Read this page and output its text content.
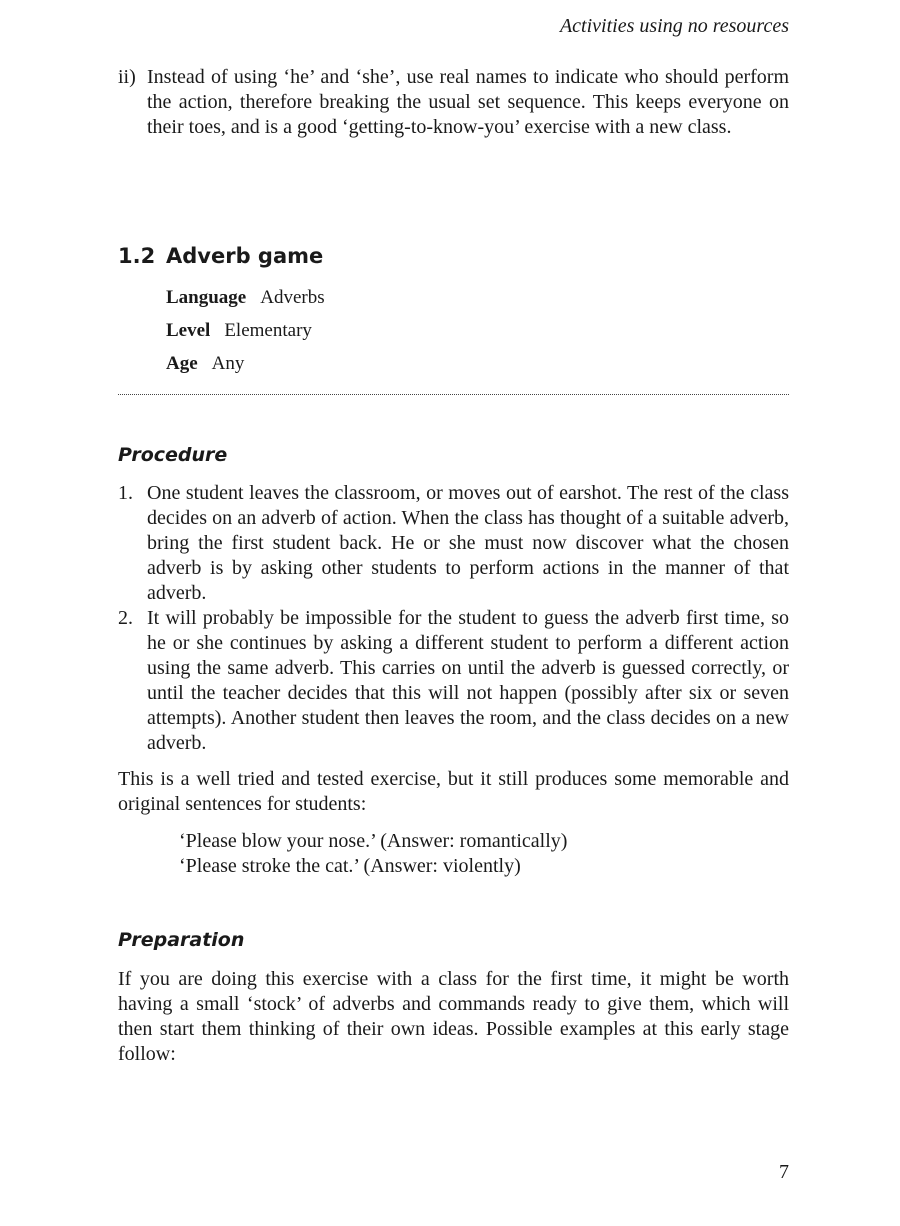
Activities using no resources
ii) Instead of using ‘he’ and ‘she’, use real names to indicate who should perform the action, therefore breaking the usual set sequence. This keeps everyone on their toes, and is a good ‘getting-to-know-you’ exercise with a new class.
1.2 Adverb game
Language Adverbs
Level Elementary
Age Any
Procedure
1. One student leaves the classroom, or moves out of earshot. The rest of the class decides on an adverb of action. When the class has thought of a suitable adverb, bring the first student back. He or she must now discover what the chosen adverb is by asking other students to perform actions in the manner of that adverb.
2. It will probably be impossible for the student to guess the adverb first time, so he or she continues by asking a different student to perform a different action using the same adverb. This carries on until the adverb is guessed correctly, or until the teacher decides that this will not happen (possibly after six or seven attempts). Another student then leaves the room, and the class decides on a new adverb.
This is a well tried and tested exercise, but it still produces some memorable and original sentences for students:
‘Please blow your nose.’ (Answer: romantically)
‘Please stroke the cat.’ (Answer: violently)
Preparation
If you are doing this exercise with a class for the first time, it might be worth having a small ‘stock’ of adverbs and commands ready to give them, which will then start them thinking of their own ideas. Possible examples at this early stage follow:
7
